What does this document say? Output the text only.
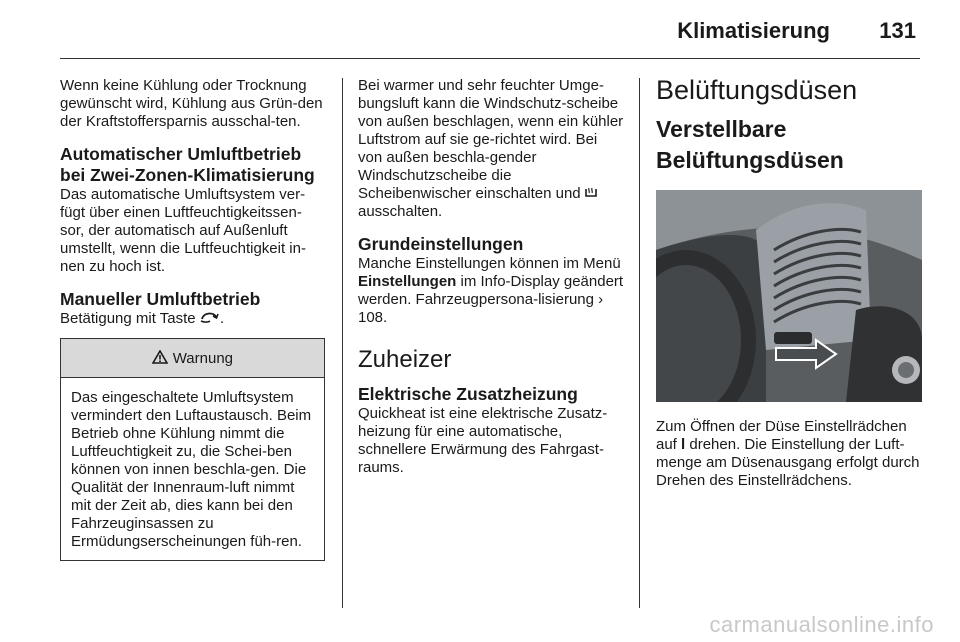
Klimatisierung 131

Wenn keine Kühlung oder Trocknung gewünscht wird, Kühlung aus Grün-den der Kraftstoffersparnis ausschal-ten.

Automatischer Umluftbetrieb
bei Zwei-Zonen-Klimatisierung

Das automatische Umluftsystem ver-fügt über einen Luftfeuchtigkeitssen-sor, der automatisch auf Außenluft umstellt, wenn die Luftfeuchtigkeit in-nen zu hoch ist.

Manueller Umluftbetrieb

Betätigung mit Taste .

Warnung
Das eingeschaltete Umluftsystem vermindert den Luftaustausch. Beim Betrieb ohne Kühlung nimmt die Luftfeuchtigkeit zu, die Schei-ben können von innen beschla-gen. Die Qualität der Innenraum-luft nimmt mit der Zeit ab, dies kann bei den Fahrzeuginsassen zu Ermüdungserscheinungen füh-ren.

Bei warmer und sehr feuchter Umge-bungsluft kann die Windschutz-scheibe von außen beschlagen, wenn ein kühler Luftstrom auf sie ge-richtet wird. Bei von außen beschla-gender Windschutzscheibe die Scheibenwischer einschalten und
ausschalten.

Grundeinstellungen

Manche Einstellungen können im Menü Einstellungen im Info-Display geändert werden. Fahrzeugpersona-lisierung › 108.

Zuheizer
Elektrische Zusatzheizung

Quickheat ist eine elektrische Zusatz-heizung für eine automatische, schnellere Erwärmung des Fahrgast-raums.

Belüftungsdüsen
Verstellbare
Belüftungsdüsen

Zum Öffnen der Düse Einstellrädchen auf l drehen. Die Einstellung der Luft-menge am Düsenausgang erfolgt durch Drehen des Einstellrädchens.

carmanualsonline.info
